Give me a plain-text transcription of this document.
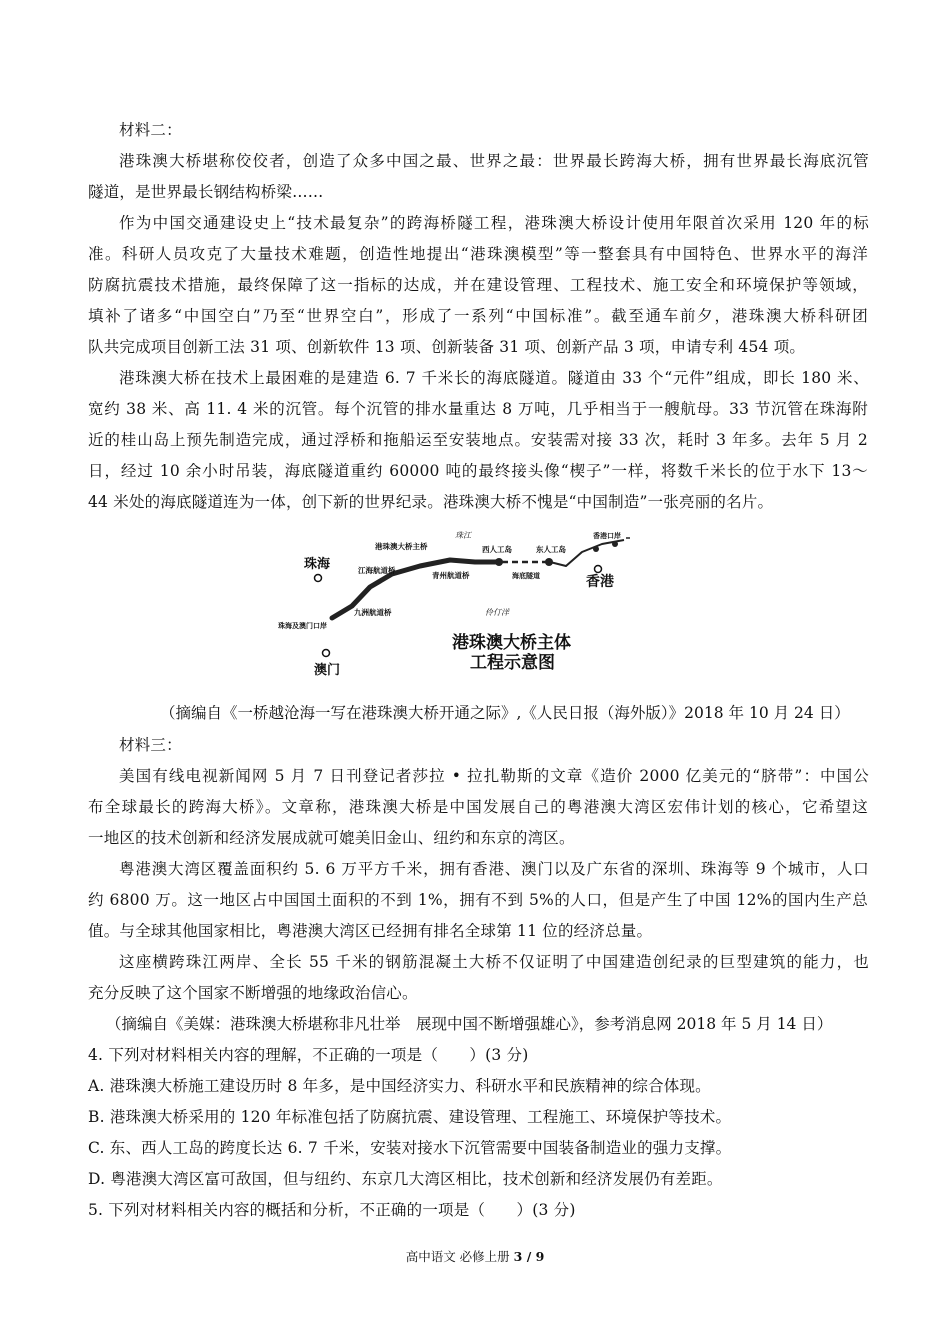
材料二：
港珠澳大桥堪称佼佼者，创造了众多中国之最、世界之最：世界最长跨海大桥，拥有世界最长海底沉管
隧道，是世界最长钢结构桥梁……
作为中国交通建设史上“技术最复杂”的跨海桥隧工程，港珠澳大桥设计使用年限首次采用 120 年的标
准。科研人员攻克了大量技术难题，创造性地提出“港珠澳模型”等一整套具有中国特色、世界水平的海洋
防腐抗震技术措施，最终保障了这一指标的达成，并在建设管理、工程技术、施工安全和环境保护等领域，
填补了诸多“中国空白”乃至“世界空白”，形成了一系列“中国标准”。截至通车前夕，港珠澳大桥科研团
队共完成项目创新工法 31 项、创新软件 13 项、创新装备 31 项、创新产品 3 项，申请专利 454 项。
港珠澳大桥在技术上最困难的是建造 6. 7 千米长的海底隧道。隧道由 33 个“元件”组成，即长 180 米、
宽约 38 米、高 11. 4 米的沉管。每个沉管的排水量重达 8 万吨，几乎相当于一艘航母。33 节沉管在珠海附
近的桂山岛上预先制造完成，通过浮桥和拖船运至安装地点。安装需对接 33 次，耗时 3 年多。去年 5 月 2
日，经过 10 余小时吊装，海底隧道重约 60000 吨的最终接头像“楔子”一样，将数千米长的位于水下 13～
44 米处的海底隧道连为一体，创下新的世界纪录。港珠澳大桥不愧是“中国制造”一张亮丽的名片。
珠海
澳门
香港
港珠澳大桥主桥
珠江
西人工岛	东人工岛
香港口岸
江海航道桥
青州航道桥	海底隧道
九洲航道桥
珠海及澳门口岸
伶仃洋
港珠澳大桥主体
工程示意图
（摘编自《一桥越沧海一写在港珠澳大桥开通之际》,《人民日报（海外版）》2018 年 10 月 24 日）
材料三：
美国有线电视新闻网 5 月 7 日刊登记者莎拉 • 拉扎勒斯的文章《造价 2000 亿美元的“脐带”：中国公
布全球最长的跨海大桥》。文章称，港珠澳大桥是中国发展自己的粤港澳大湾区宏伟计划的核心，它希望这
一地区的技术创新和经济发展成就可媲美旧金山、纽约和东京的湾区。
粤港澳大湾区覆盖面积约 5. 6 万平方千米，拥有香港、澳门以及广东省的深圳、珠海等 9 个城市，人口
约 6800 万。这一地区占中国国土面积的不到 1%，拥有不到 5%的人口，但是产生了中国 12%的国内生产总
值。与全球其他国家相比，粤港澳大湾区已经拥有排名全球第 11 位的经济总量。
这座横跨珠江两岸、全长 55 千米的钢筋混凝土大桥不仅证明了中国建造创纪录的巨型建筑的能力，也
充分反映了这个国家不断增强的地缘政治信心。
（摘编自《美媒：港珠澳大桥堪称非凡壮举　展现中国不断增强雄心》，参考消息网 2018 年 5 月 14 日）
4. 下列对材料相关内容的理解，不正确的一项是（　　）(3 分)
A. 港珠澳大桥施工建设历时 8 年多，是中国经济实力、科研水平和民族精神的综合体现。
B. 港珠澳大桥采用的 120 年标准包括了防腐抗震、建设管理、工程施工、环境保护等技术。
C. 东、西人工岛的跨度长达 6. 7 千米，安装对接水下沉管需要中国装备制造业的强力支撑。
D. 粤港澳大湾区富可敌国，但与纽约、东京几大湾区相比，技术创新和经济发展仍有差距。
5. 下列对材料相关内容的概括和分析，不正确的一项是（　　）(3 分)
高中语文 必修上册 3 / 9
